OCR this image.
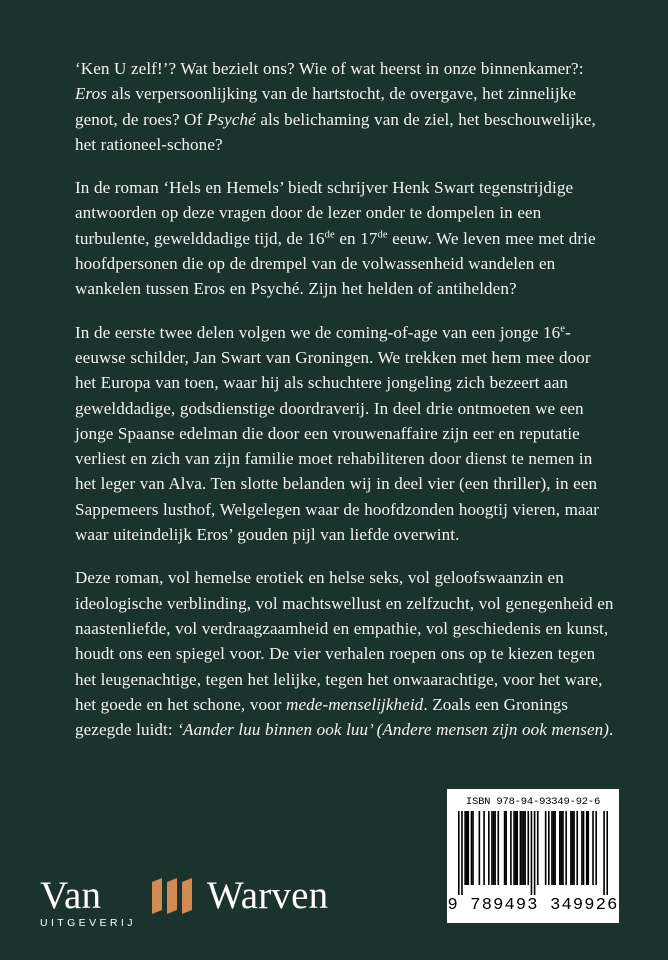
‘Ken U zelf!’? Wat bezielt ons? Wie of wat heerst in onze binnenkamer?: Eros als verpersoonlijking van de hartstocht, de overgave, het zinnelijke genot, de roes? Of Psyché als belichaming van de ziel, het beschouwelijke, het rationeel-schone?

In de roman ‘Hels en Hemels’ biedt schrijver Henk Swart tegenstrijdige antwoorden op deze vragen door de lezer onder te dompelen in een turbulente, gewelddadige tijd, de 16de en 17de eeuw. We leven mee met drie hoofdpersonen die op de drempel van de volwassenheid wandelen en wankelen tussen Eros en Psyché. Zijn het helden of antihelden?

In de eerste twee delen volgen we de coming-of-age van een jonge 16e-eeuwse schilder, Jan Swart van Groningen. We trekken met hem mee door het Europa van toen, waar hij als schuchtere jongeling zich bezeert aan gewelddadige, godsdienstige doordraverij. In deel drie ontmoeten we een jonge Spaanse edelman die door een vrouwenaffaire zijn eer en reputatie verliest en zich van zijn familie moet rehabiliteren door dienst te nemen in het leger van Alva. Ten slotte belanden wij in deel vier (een thriller), in een Sappemeers lusthof, Welgelegen waar de hoofdzonden hoogtij vieren, maar waar uiteindelijk Eros’ gouden pijl van liefde overwint.

Deze roman, vol hemelse erotiek en helse seks, vol geloofswaanzin en ideologische verblinding, vol machtswellust en zelfzucht, vol genegenheid en naastenliefde, vol verdraagzaamheid en empathie, vol geschiedenis en kunst, houdt ons een spiegel voor. De vier verhalen roepen ons op te kiezen tegen het leugenachtige, tegen het lelijke, tegen het onwaarachtige, voor het ware, het goede en het schone, voor mede-menselijkheid. Zoals een Gronings gezegde luidt: ‘Aander luu binnen ook luu’ (Andere mensen zijn ook mensen).

ISBN 978-94-93349-92-6
9 789493 349926
Van
UITGEVERIJ
Warven
